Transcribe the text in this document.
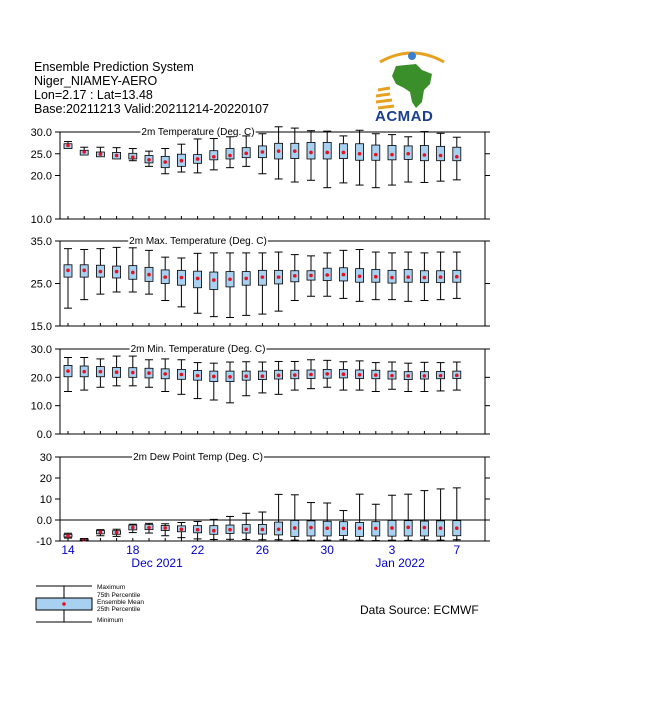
Ensemble Prediction System
Niger_NIAMEY-AERO
Lon=2.17 : Lat=13.48
Base:20211213 Valid:20211214-20220107	ACMAD
2m Temperature (Deg. C)
10.0
20.0
25.0
30.0
2m Max. Temperature (Deg. C)
15.0
25.0
35.0
2m Min. Temperature (Deg. C)
0.0
10.0
20.0
30.0
2m Dew Point Temp (Deg. C)
-10
0.0
10
20
30
14	18	22	26	30	3	7
Dec 2021	Jan 2022
Maximum
75th Percentile
Ensemble Mean
25th Percentile
Minimum
Data Source: ECMWF
